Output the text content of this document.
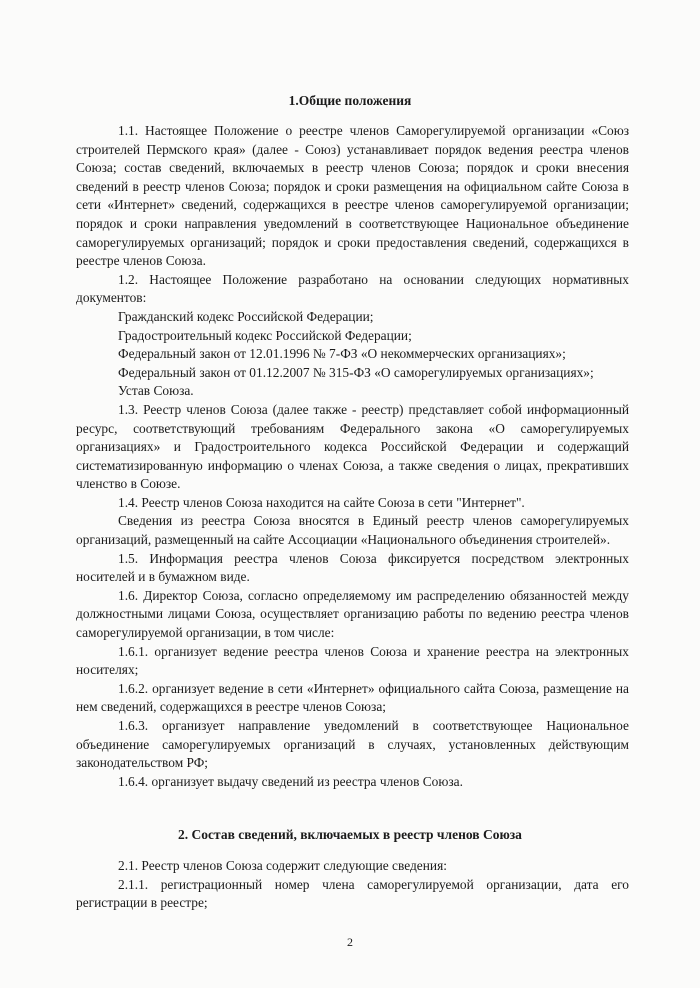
1.Общие положения

1.1. Настоящее Положение о реестре членов Саморегулируемой организации «Союз строителей Пермского края» (далее - Союз) устанавливает порядок ведения реестра членов Союза; состав сведений, включаемых в реестр членов Союза; порядок и сроки внесения сведений в реестр членов Союза; порядок и сроки размещения на официальном сайте Союза в сети «Интернет» сведений, содержащихся в реестре членов саморегулируемой организации; порядок и сроки направления уведомлений в соответствующее Национальное объединение саморегулируемых организаций; порядок и сроки предоставления сведений, содержащихся в реестре членов Союза.

1.2. Настоящее Положение разработано на основании следующих нормативных документов:

Гражданский кодекс Российской Федерации;

Градостроительный кодекс Российской Федерации;

Федеральный закон от 12.01.1996 № 7-ФЗ «О некоммерческих организациях»;

Федеральный закон от 01.12.2007 № 315-ФЗ «О саморегулируемых организациях»;

Устав Союза.

1.3. Реестр членов Союза (далее также - реестр) представляет собой информационный ресурс, соответствующий требованиям Федерального закона «О саморегулируемых организациях» и Градостроительного кодекса Российской Федерации и содержащий систематизированную информацию о членах Союза, а также сведения о лицах, прекративших членство в Союзе.

1.4. Реестр членов Союза находится на сайте Союза в сети "Интернет".

Сведения из реестра Союза вносятся в Единый реестр членов саморегулируемых организаций, размещенный на сайте Ассоциации «Национального объединения строителей».

1.5. Информация реестра членов Союза фиксируется посредством электронных носителей и в бумажном виде.

1.6. Директор Союза, согласно определяемому им распределению обязанностей между должностными лицами Союза, осуществляет организацию работы по ведению реестра членов саморегулируемой организации, в том числе:

1.6.1. организует ведение реестра членов Союза и хранение реестра на электронных носителях;

1.6.2. организует ведение в сети «Интернет» официального сайта Союза, размещение на нем сведений, содержащихся в реестре членов Союза;

1.6.3. организует направление уведомлений в соответствующее Национальное объединение саморегулируемых организаций в случаях, установленных действующим законодательством РФ;

1.6.4. организует выдачу сведений из реестра членов Союза.

2. Состав сведений, включаемых в реестр членов Союза

2.1. Реестр членов Союза содержит следующие сведения:

2.1.1. регистрационный номер члена саморегулируемой организации, дата его регистрации в реестре;

2
